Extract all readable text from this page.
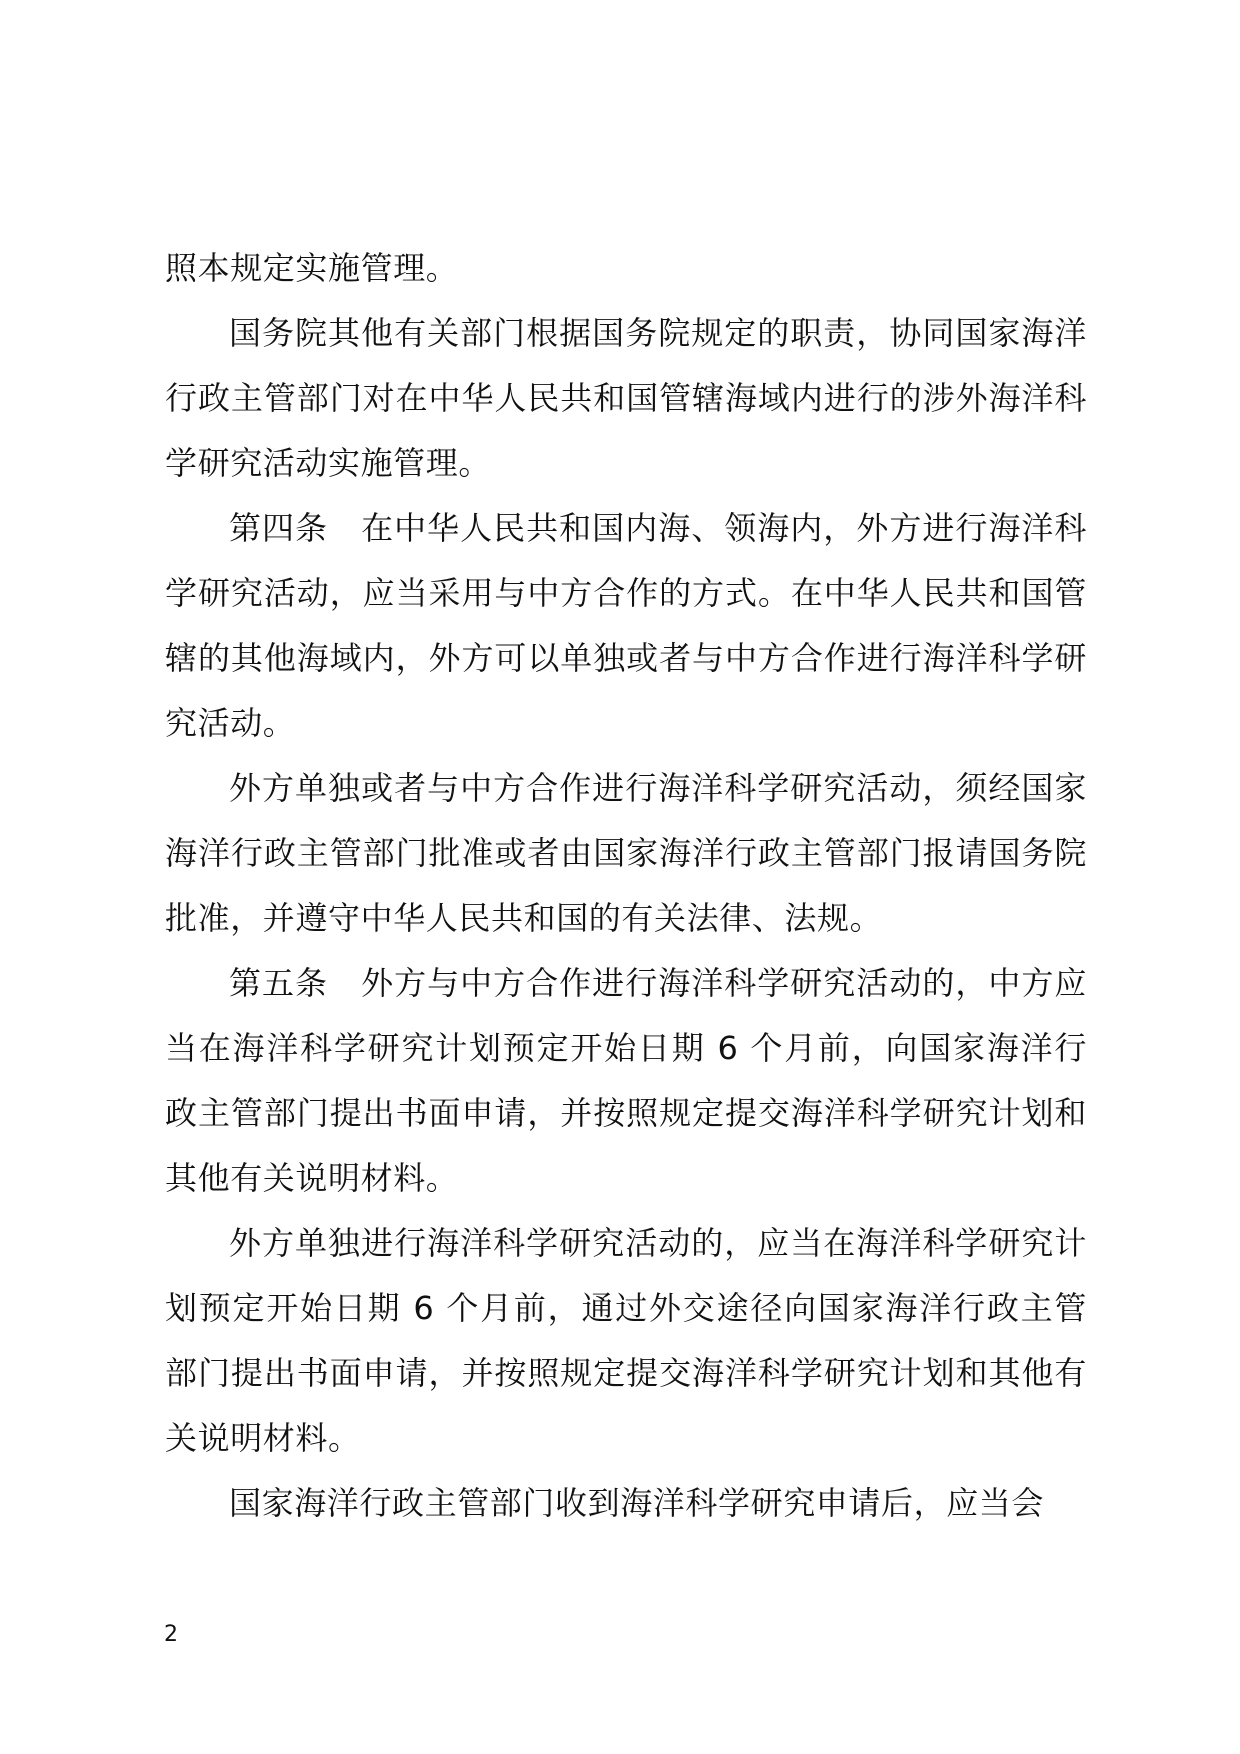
照本规定实施管理。

国务院其他有关部门根据国务院规定的职责，协同国家海洋行政主管部门对在中华人民共和国管辖海域内进行的涉外海洋科学研究活动实施管理。

第四条　在中华人民共和国内海、领海内，外方进行海洋科学研究活动，应当采用与中方合作的方式。在中华人民共和国管辖的其他海域内，外方可以单独或者与中方合作进行海洋科学研究活动。

外方单独或者与中方合作进行海洋科学研究活动，须经国家海洋行政主管部门批准或者由国家海洋行政主管部门报请国务院批准，并遵守中华人民共和国的有关法律、法规。

第五条　外方与中方合作进行海洋科学研究活动的，中方应当在海洋科学研究计划预定开始日期 6 个月前，向国家海洋行政主管部门提出书面申请，并按照规定提交海洋科学研究计划和其他有关说明材料。

外方单独进行海洋科学研究活动的，应当在海洋科学研究计划预定开始日期 6 个月前，通过外交途径向国家海洋行政主管部门提出书面申请，并按照规定提交海洋科学研究计划和其他有关说明材料。

国家海洋行政主管部门收到海洋科学研究申请后，应当会

2
